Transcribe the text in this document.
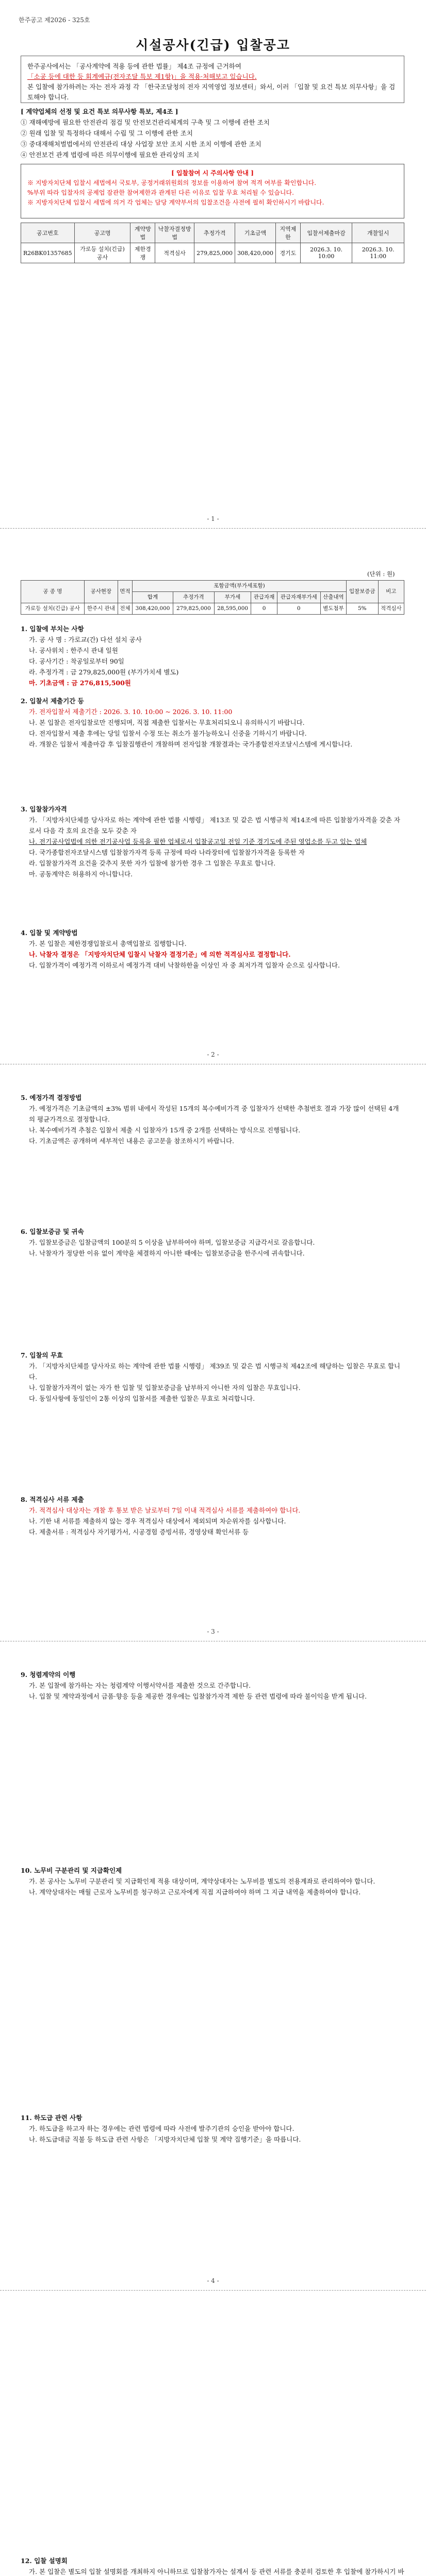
한주공고 제2026 - 325호
시설공사(긴급) 입찰공고
한주공사에서는 「공사계약에 적용 등에 관한 법률」 제4조 규정에 근거하여
「소공 등에 대한 등 회계예규(전자조달 특보 제1항)」을 적용·처해보고 있습니다.
본 입찰에 참가하려는 자는 전자 과정 각 「한국조달청의 전자 지역영업 정보센터」와서, 이러 「입찰 및 요건 특보 의무사항」을 검토해야 합니다.
[ 계약업체의 선정 및 요건 특보 의무사항 특보, 제4조 ]
① 재해예방에 필요한 안전관리 점검 및 안전보건관리체계의 구축 및 그 이행에 관한 조치
② 원래 입찰 및 특정하다 대해서 수립 및 그 이행에 관한 조치
③ 중대재해처벌법에서의 안전관리 대상 사업장 보안 조치 시한 조치 이행에 관한 조치
④ 안전보건 관계 법령에 따른 의무이행에 필요한 관리상의 조치
[ 입찰참여 시 주의사항 안내 ]
※ 지방자치단체 입찰시 세법에서 국토부, 공정거래위원회의 정보를 이용하여 참여 적격 여부를 확인합니다.
%부위 따라 입찰자의 공제업 잠관한 참여제한과 관계된 다른 이유로 입찰 무효 처리될 수 있습니다.
※ 지방자치단체 입찰시 세법에 의거 각 업체는 담당 계약부서의 입찰조건을 사전에 필히 확인하시기 바랍니다.
공고번호	공고명	계약방법	낙찰자결정방법	추정가격	기초금액	지역제한	입찰서제출마감	개찰일시
R26BK01357685	가로등 설치(긴급) 공사	제한경쟁	적격심사	279,825,000	308,420,000	경기도	2026.3. 10. 10:00	2026.3. 10. 11:00
- 1 -
(단위 : 원)
공 종 명	공사현장	면적	포함금액(부가세포함)						입찰보증금	비고
			합계	추정가격	부가세	관급자재	관급자재부가세	산출내역		
가로등 설치(긴급) 공사	한주시 관내	전체	308,420,000	279,825,000	28,595,000	0	0	별도첨부	5%	적격심사

1. 입찰에 부치는 사항

가. 공 사 명 : 가로교(간) 다선 설치 공사

나. 공사위치 : 한주시 관내 일원

다. 공사기간 : 착공일로부터 90일

라. 추정가격 : 금 279,825,000원 (부가가치세 별도)

마. 기초금액 : 금 276,815,500원

2. 입찰서 제출기간 등

가. 전자입찰서 제출기간 : 2026. 3. 10. 10:00 ~ 2026. 3. 10. 11:00

나. 본 입찰은 전자입찰로만 진행되며, 직접 제출한 입찰서는 무효처리되오니 유의하시기 바랍니다.

다. 전자입찰서 제출 후에는 당일 입찰서 수정 또는 취소가 불가능하오니 신중을 기하시기 바랍니다.

라. 개찰은 입찰서 제출마감 후 입찰집행관이 개찰하며 전자입찰 개찰결과는 국가종합전자조달시스템에 게시합니다.

3. 입찰참가자격

가. 「지방자치단체를 당사자로 하는 계약에 관한 법률 시행령」 제13조 및 같은 법 시행규칙 제14조에 따른 입찰참가자격을 갖춘 자로서 다음 각 호의 요건을 모두 갖춘 자

나. 전기공사업법에 의한 전기공사업 등록을 필한 업체로서 입찰공고일 전일 기준 경기도에 주된 영업소를 두고 있는 업체

다. 국가종합전자조달시스템 입찰참가자격 등록 규정에 따라 나라장터에 입찰참가자격을 등록한 자

라. 입찰참가자격 요건을 갖추지 못한 자가 입찰에 참가한 경우 그 입찰은 무효로 합니다.

마. 공동계약은 허용하지 아니합니다.

4. 입찰 및 계약방법

가. 본 입찰은 제한경쟁입찰로서 총액입찰로 집행합니다.

나. 낙찰자 결정은 「지방자치단체 입찰시 낙찰자 결정기준」에 의한 적격심사로 결정합니다.

다. 입찰가격이 예정가격 이하로서 예정가격 대비 낙찰하한율 이상인 자 중 최저가격 입찰자 순으로 심사합니다.

- 2 -

5. 예정가격 결정방법

가. 예정가격은 기초금액의 ±3% 범위 내에서 작성된 15개의 복수예비가격 중 입찰자가 선택한 추첨번호 결과 가장 많이 선택된 4개의 평균가격으로 결정합니다.

나. 복수예비가격 추첨은 입찰서 제출 시 입찰자가 15개 중 2개를 선택하는 방식으로 진행됩니다.

다. 기초금액은 공개하며 세부적인 내용은 공고문을 참조하시기 바랍니다.

6. 입찰보증금 및 귀속

가. 입찰보증금은 입찰금액의 100분의 5 이상을 납부하여야 하며, 입찰보증금 지급각서로 갈음합니다.

나. 낙찰자가 정당한 이유 없이 계약을 체결하지 아니한 때에는 입찰보증금을 한주시에 귀속합니다.

7. 입찰의 무효

가. 「지방자치단체를 당사자로 하는 계약에 관한 법률 시행령」 제39조 및 같은 법 시행규칙 제42조에 해당하는 입찰은 무효로 합니다.

나. 입찰참가자격이 없는 자가 한 입찰 및 입찰보증금을 납부하지 아니한 자의 입찰은 무효입니다.

다. 동일사항에 동일인이 2통 이상의 입찰서를 제출한 입찰은 무효로 처리합니다.

8. 적격심사 서류 제출

가. 적격심사 대상자는 개찰 후 통보 받은 날로부터 7일 이내 적격심사 서류를 제출하여야 합니다.

나. 기한 내 서류를 제출하지 않는 경우 적격심사 대상에서 제외되며 차순위자를 심사합니다.

다. 제출서류 : 적격심사 자기평가서, 시공경험 증빙서류, 경영상태 확인서류 등

- 3 -

9. 청렴계약의 이행

가. 본 입찰에 참가하는 자는 청렴계약 이행서약서를 제출한 것으로 간주합니다.

나. 입찰 및 계약과정에서 금품·향응 등을 제공한 경우에는 입찰참가자격 제한 등 관련 법령에 따라 불이익을 받게 됩니다.

10. 노무비 구분관리 및 지급확인제

가. 본 공사는 노무비 구분관리 및 지급확인제 적용 대상이며, 계약상대자는 노무비를 별도의 전용계좌로 관리하여야 합니다.

나. 계약상대자는 매월 근로자 노무비를 청구하고 근로자에게 직접 지급하여야 하며 그 지급 내역을 제출하여야 합니다.

11. 하도급 관련 사항

가. 하도급을 하고자 하는 경우에는 관련 법령에 따라 사전에 발주기관의 승인을 받아야 합니다.

나. 하도급대금 직불 등 하도급 관련 사항은 「지방자치단체 입찰 및 계약 집행기준」을 따릅니다.

- 4 -

12. 입찰 설명회

가. 본 입찰은 별도의 입찰 설명회를 개최하지 아니하므로 입찰참가자는 설계서 등 관련 서류를 충분히 검토한 후 입찰에 참가하시기 바
